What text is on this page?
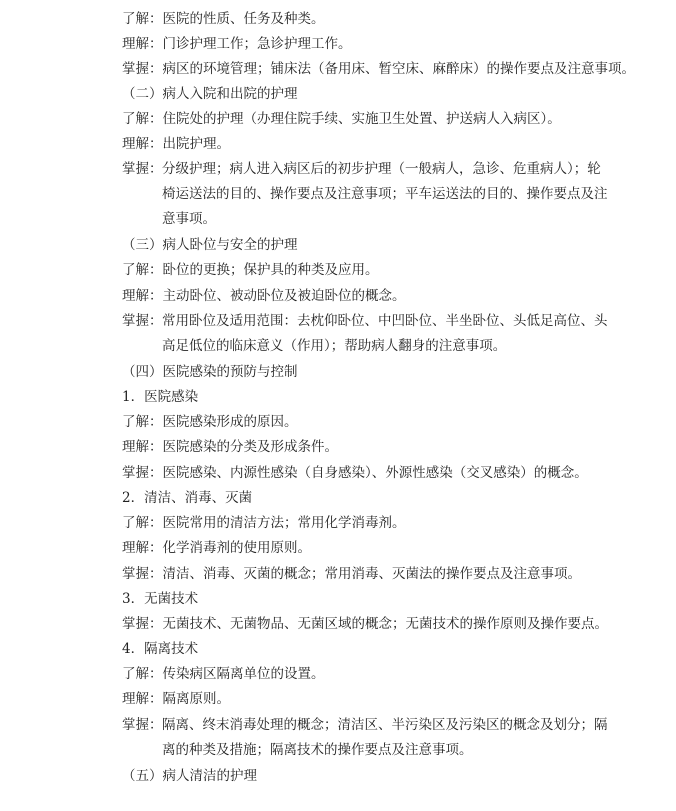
了解：医院的性质、任务及种类。
理解：门诊护理工作；急诊护理工作。
掌握：病区的环境管理；铺床法（备用床、暂空床、麻醉床）的操作要点及注意事项。
（二）病人入院和出院的护理
了解：住院处的护理（办理住院手续、实施卫生处置、护送病人入病区）。
理解：出院护理。
掌握： 分级护理；病人进入病区后的初步护理（一般病人，急诊、危重病人）；轮
椅运送法的目的、操作要点及注意事项；平车运送法的目的、操作要点及注
意事项。
（三）病人卧位与安全的护理
了解：卧位的更换；保护具的种类及应用。
理解：主动卧位、被动卧位及被迫卧位的概念。
掌握： 常用卧位及适用范围：去枕仰卧位、中凹卧位、半坐卧位、头低足高位、头
高足低位的临床意义（作用）；帮助病人翻身的注意事项。
（四）医院感染的预防与控制
1．医院感染
了解：医院感染形成的原因。
理解：医院感染的分类及形成条件。
掌握：医院感染、内源性感染（自身感染）、外源性感染（交叉感染）的概念。
2．清洁、消毒、灭菌
了解：医院常用的清洁方法；常用化学消毒剂。
理解：化学消毒剂的使用原则。
掌握：清洁、消毒、灭菌的概念；常用消毒、灭菌法的操作要点及注意事项。
3．无菌技术
掌握：无菌技术、无菌物品、无菌区域的概念；无菌技术的操作原则及操作要点。
4．隔离技术
了解：传染病区隔离单位的设置。
理解：隔离原则。
掌握： 隔离、终末消毒处理的概念；清洁区、半污染区及污染区的概念及划分；隔
离的种类及措施；隔离技术的操作要点及注意事项。
（五）病人清洁的护理
